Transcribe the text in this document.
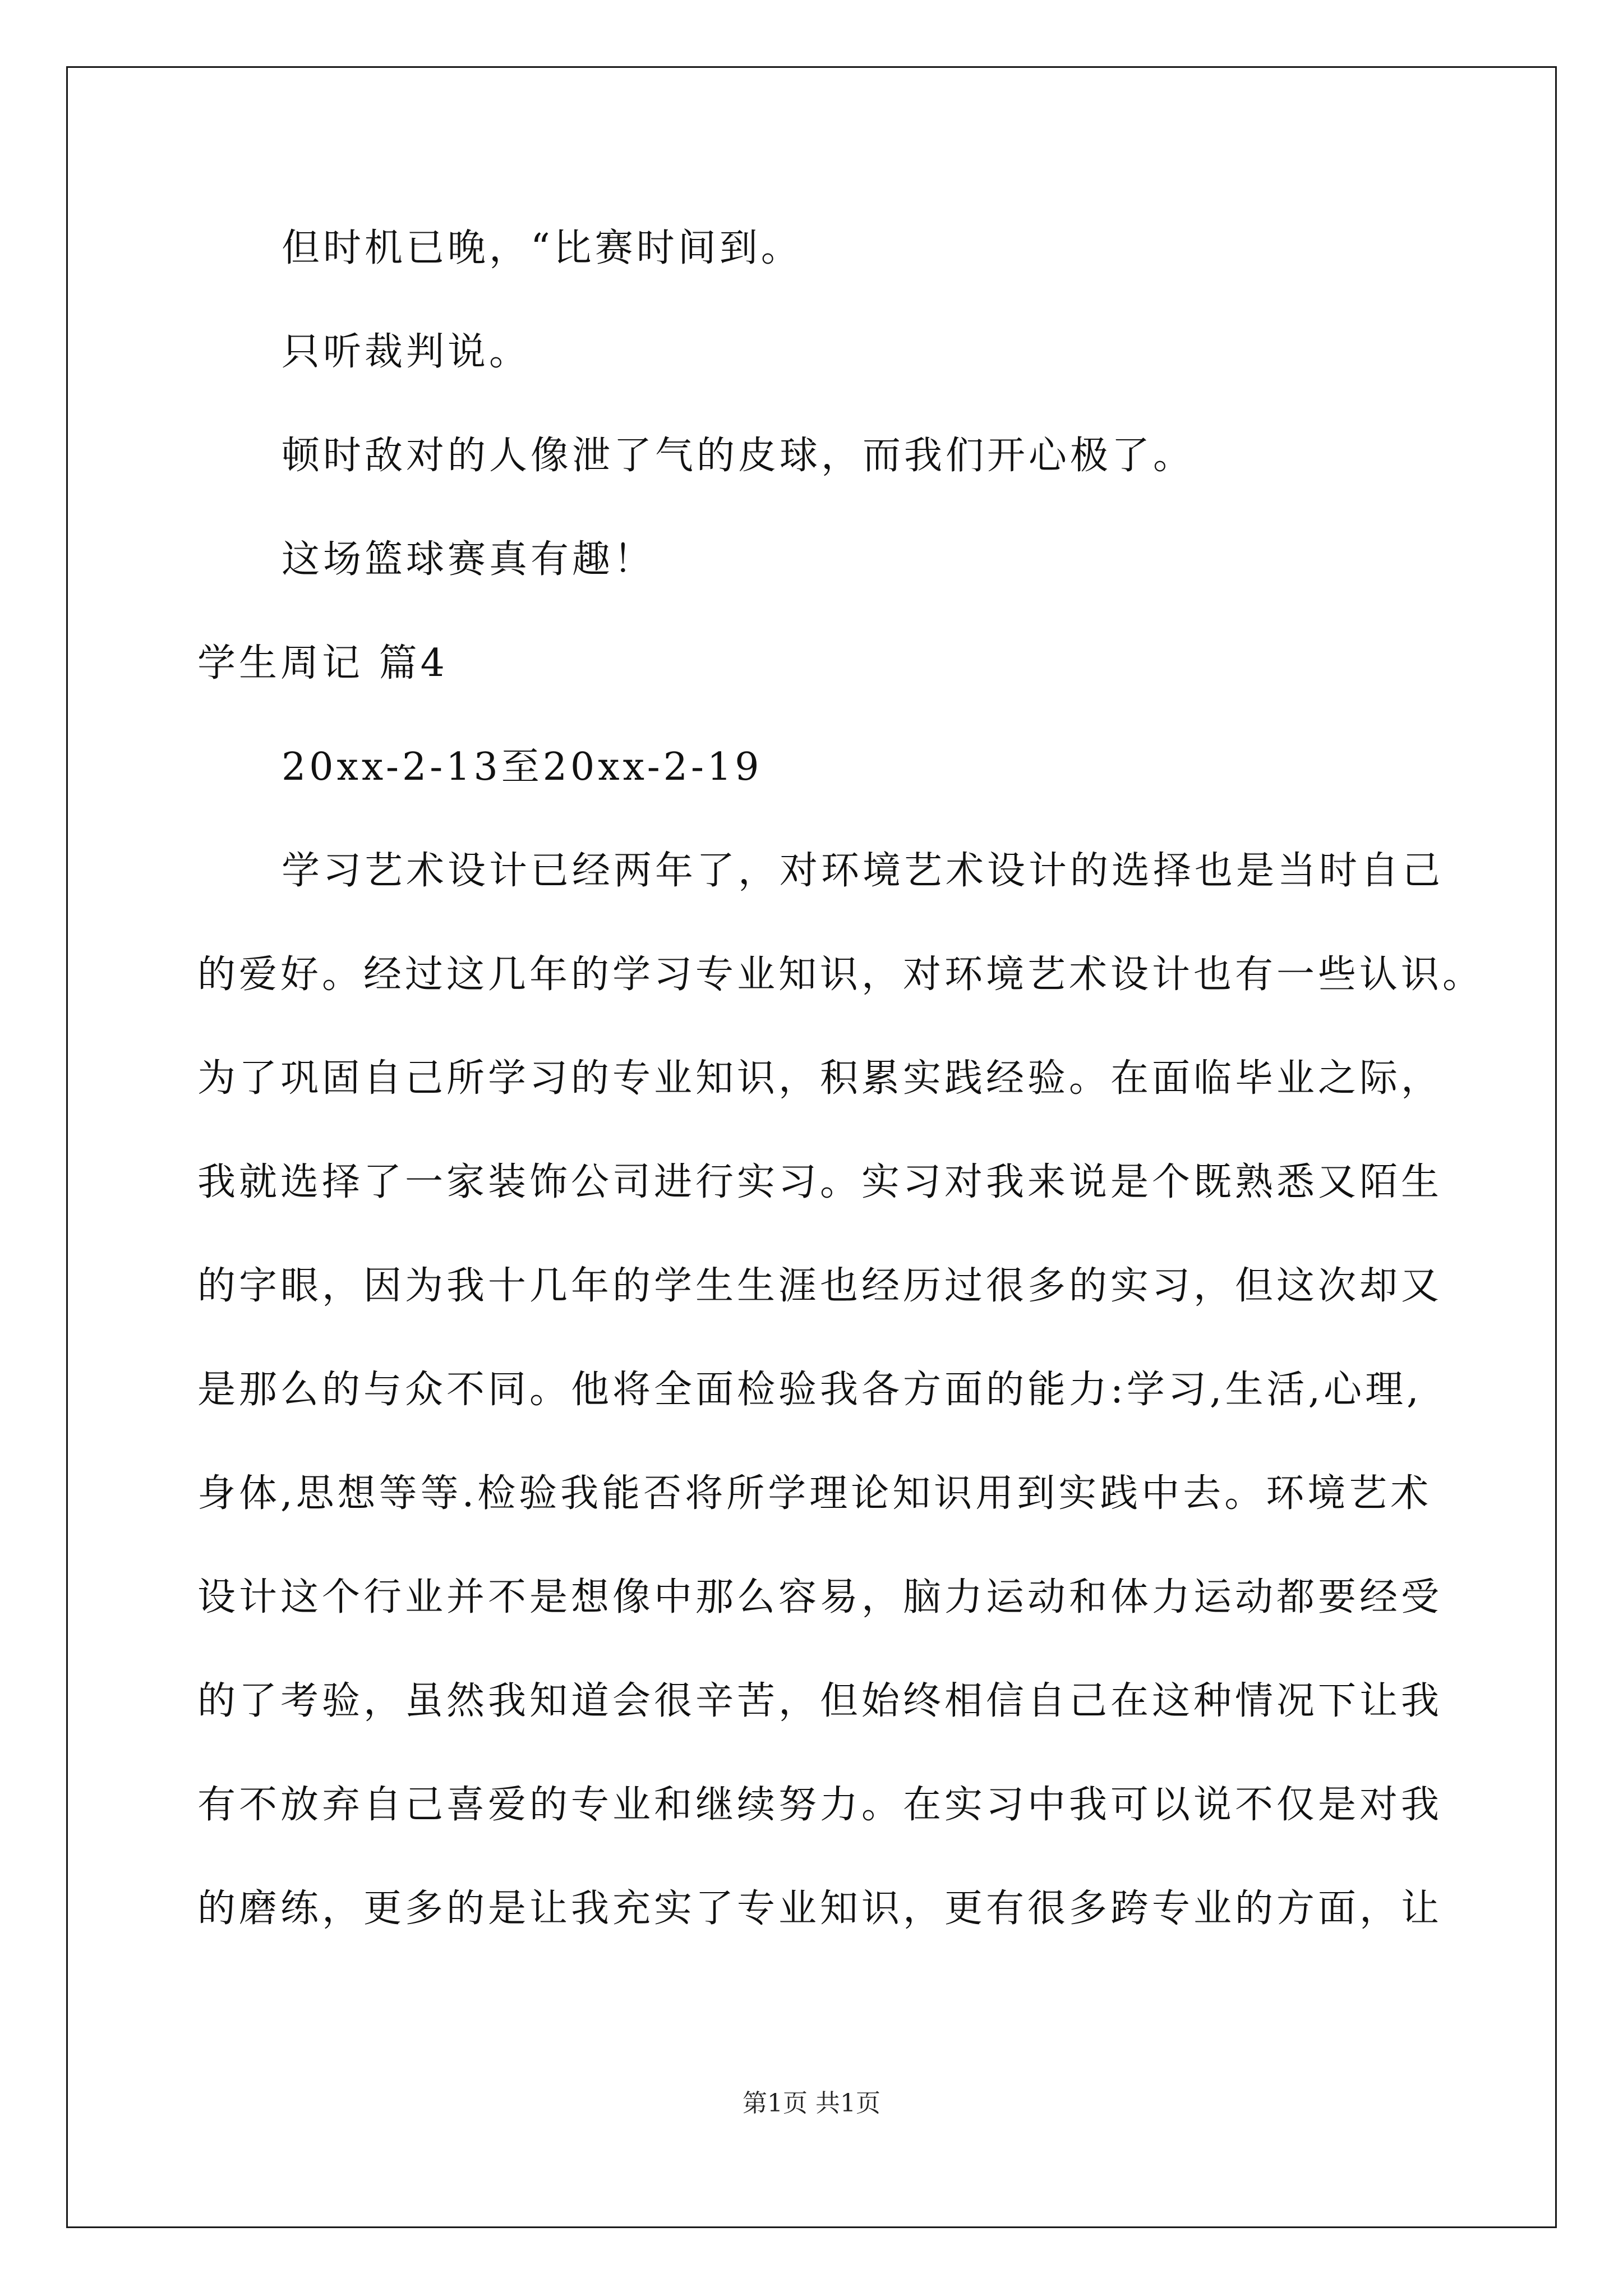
但时机已晚，“比赛时间到。
只听裁判说。
顿时敌对的人像泄了气的皮球，而我们开心极了。
这场篮球赛真有趣！
学生周记 篇4
20xx-2-13至20xx-2-19
学习艺术设计已经两年了，对环境艺术设计的选择也是当时自己
的爱好。经过这几年的学习专业知识，对环境艺术设计也有一些认识。
为了巩固自己所学习的专业知识，积累实践经验。在面临毕业之际，
我就选择了一家装饰公司进行实习。实习对我来说是个既熟悉又陌生
的字眼，因为我十几年的学生生涯也经历过很多的实习，但这次却又
是那么的与众不同。他将全面检验我各方面的能力:学习,生活,心理,
身体,思想等等.检验我能否将所学理论知识用到实践中去。环境艺术
设计这个行业并不是想像中那么容易，脑力运动和体力运动都要经受
的了考验，虽然我知道会很辛苦，但始终相信自己在这种情况下让我
有不放弃自己喜爱的专业和继续努力。在实习中我可以说不仅是对我
的磨练，更多的是让我充实了专业知识，更有很多跨专业的方面，让
第1页 共1页
